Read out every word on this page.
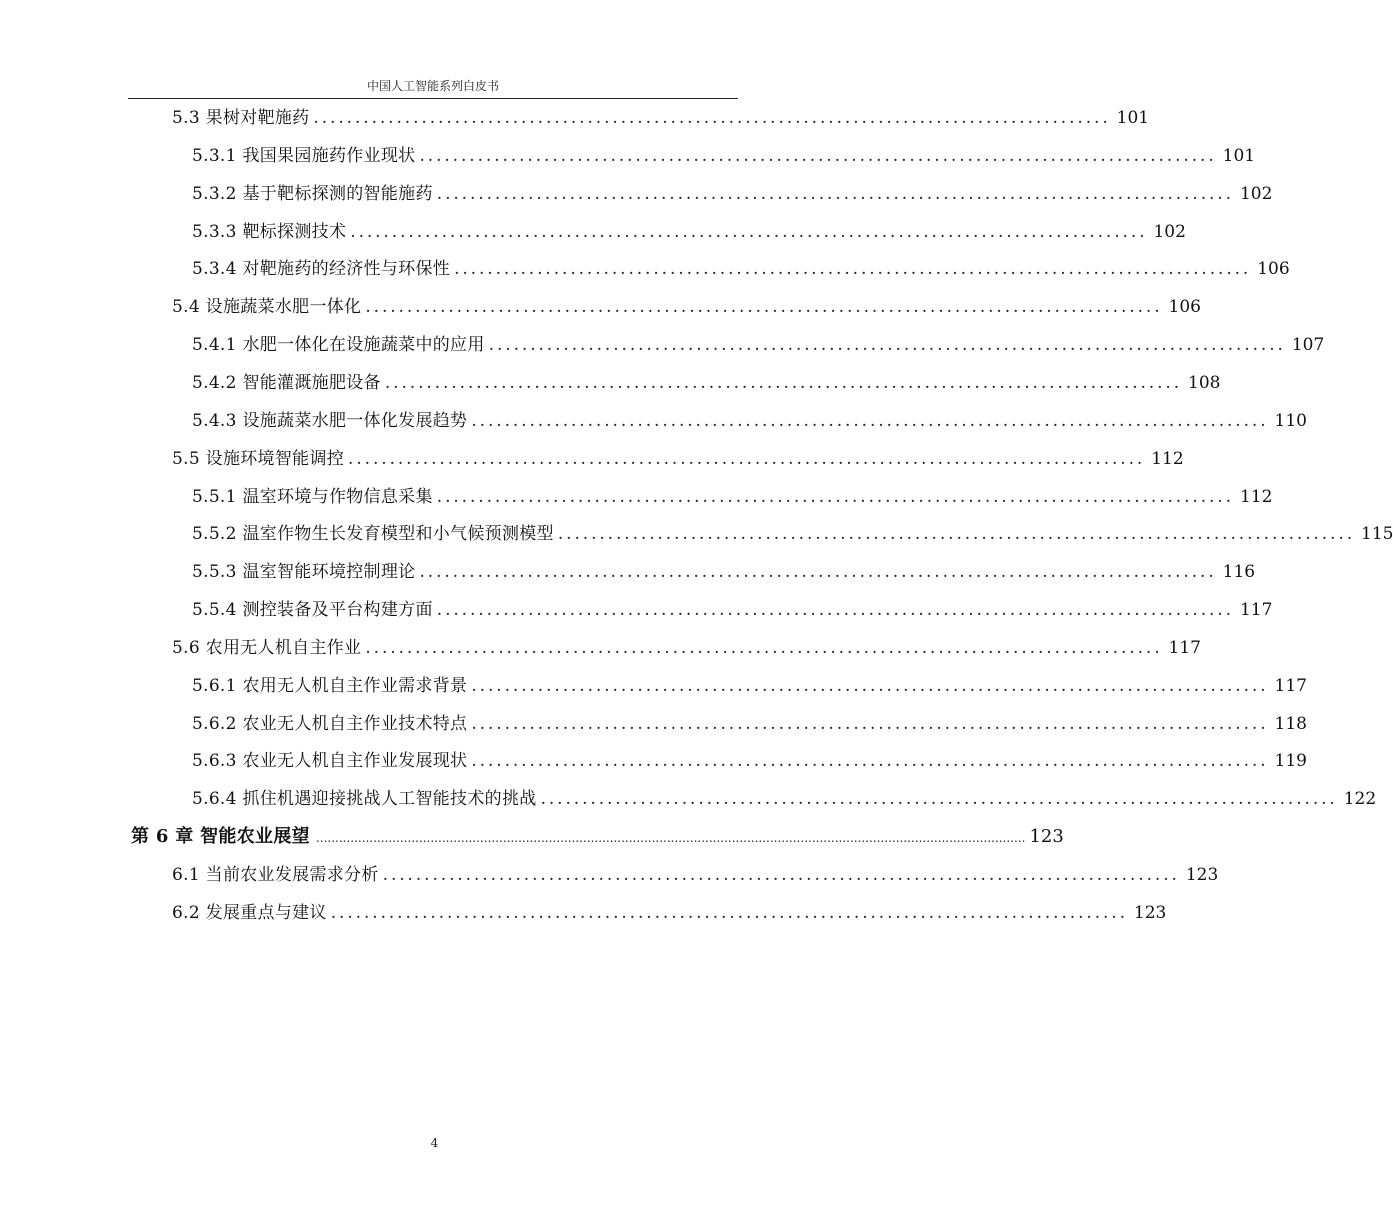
中国人工智能系列白皮书
5.3 果树对靶施药 ................................................................................................ 101
5.3.1 我国果园施药作业现状 ................................................................................................ 101
5.3.2 基于靶标探测的智能施药 ................................................................................................ 102
5.3.3 靶标探测技术 ................................................................................................ 102
5.3.4 对靶施药的经济性与环保性 ................................................................................................ 106
5.4 设施蔬菜水肥一体化 ................................................................................................ 106
5.4.1 水肥一体化在设施蔬菜中的应用 ................................................................................................ 107
5.4.2 智能灌溉施肥设备 ................................................................................................ 108
5.4.3 设施蔬菜水肥一体化发展趋势 ................................................................................................ 110
5.5 设施环境智能调控 ................................................................................................ 112
5.5.1 温室环境与作物信息采集 ................................................................................................ 112
5.5.2 温室作物生长发育模型和小气候预测模型 ................................................................................................ 115
5.5.3 温室智能环境控制理论 ................................................................................................ 116
5.5.4 测控装备及平台构建方面 ................................................................................................ 117
5.6 农用无人机自主作业 ................................................................................................ 117
5.6.1 农用无人机自主作业需求背景 ................................................................................................ 117
5.6.2 农业无人机自主作业技术特点 ................................................................................................ 118
5.6.3 农业无人机自主作业发展现状 ................................................................................................ 119
5.6.4 抓住机遇迎接挑战人工智能技术的挑战 ................................................................................................ 122
第 6 章 智能农业展望 .......................................................................................................................................................................................... 123
6.1 当前农业发展需求分析 ................................................................................................ 123
6.2 发展重点与建议 ................................................................................................ 123
4
